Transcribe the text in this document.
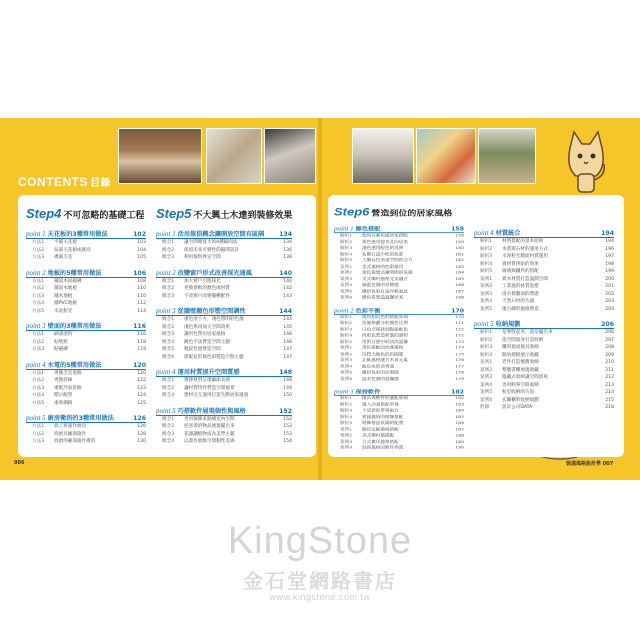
CONTENTS 目錄
Step4 不可忽略的基礎工程
point 1 天花板的3種常用做法	102
方法1	平鋪天花板	103
方法2	局部天花板或挑高	104
方法3	裸露天花	105
point 2 地板的5種常用做法	106
方法1	鋪設木紋磁磚	108
方法2	鋪設木地板	110
方法3	鋪木地板	110
方法4	鋪PVC地板	112
方法5	水泥粉光	114
point 3 壁面的3種常用做法	116
方法1	刷漆塗料	116
方法2	貼壁紙	118
方法3	貼磁磚	119
point 4 水電的5種常用做法	120
方法1	更換全室電路	120
方法2	更換管線	122
方法3	重配冷氣管路	123
方法4	標示配管	124
方法5	重牽網路	125
point 5 廚房衛浴的3種常用做法	126
方法1	找工班施作廚房	126
方法2	找廚具廠商施作	128
方法3	找廚浴廠商施作衛浴	130
Step5 不大興土木達到裝修效果
point 1 活用傢俱概念讓開放空間有區隔	134
概念1	讓空間變寬大的4種隔間法	134
概念2	保留未來可變性的隔間設計	136
概念3	利用傢俱界定空間	138
point 2 改變窗戶形式改善採光通風	140
概念1	加大窗戶引進採光	140
概念2	更換窗框的顏色或材質	142
概念3	不改窗戶改變簾幔配件	143
point 3 從牆壁顏色形塑空間調性	144
概念1	重色放下方，淺色帶明的色塊	144
概念2	淺色系再加大空間效果	145
概念3	讓用色帶出居家風格	146
概念4	跳色手法營造空間主題	146
概念5	粗紋色覺營造空間	147
概念6	搭配花形與色彩製造空間主題	147
point 4 運用材質提升空間質感	148
概念1	選擇材質呈現細節美感	148
概念2	讓材質特性營造空間風景	149
概念3	建材交互運用打造生動居家風貌	150
point 5 巧搭軟件展現個性與風格	152
概念1	善用傢飾來點綴室內空間	152
概念2	把喜愛的物品展現擺出來	152
概念3	花器讓植物成為美學主題	153
概念4	以畫作妝點空間個性美感	154
Step6 營造到位的居家風格
point 1 顏色搭配	158
解析1	使用互補色做居家搭配	158
解析2	黃色運用提亮北向居家	159
解析3	淺色運用配色的延伸	160
解析4	灰階打造中性的色彩	161
解析5	大膽玩色表現空間的活力	162
案例1	美式風格的色彩運用	163
案例2	黃色視覺活躍明朗的氛圍	164
案例3	美式鄉村風格完美融合	165
案例4	綠藍色調的寧靜感	166
案例5	繽紛色彩打造年輕氣息	167
案例6	暖色系營造溫馨居家	168
point 2 色彩平衡	170
解析1	使用相近色的搭配原則	170
解析2	依風格劃分的顏色比例	171
解析3	白色空間找到點綴配色	172
解析4	淡彩色營造和諧的調和	172
解析5	用對日照中的淡淡溫馨	173
案例1	透色搭配的淡雅風格	174
案例2	沉穩大地色的田園風	175
案例3	北歐風格融合木質元素	176
案例4	藍色系的清爽感	177
案例5	繽紛色彩的活潑感	178
案例6	溫柔色調的溫馨感	179
point 3 保持軟件	182
解析1	傢具與軟件的選配原則	182
解析2	雙人沙發搭配單椅	183
解析3	不成套的單椅組合	184
解析4	異國風情的傢飾搭配	185
解析5	燈飾營造氛圍的配置	186
案例1	簡約北歐風格搭配	187
案例2	美式鄉村風搭配	188
案例3	日式無印風格搭配	189
案例4	混搭風格的軟件佈置	190
point 4 材質統合	194
解析1	材質搭配的基本原則	194
解析2	木質與石材的運用方式	196
解析3	水泥粉光牆面材質運用	197
解析4	異材質拼貼的效果	198
解析5	玻璃與鐵件的搭配	199
案例1	實木材質打造溫潤空間	200
案例2	工業風的材質混搭	201
案例3	清水模牆面的質感	202
案例4	天然石材的大器	203
案例5	復古磚的風格營造	204
point 5 收納規劃	206
解析1	是要收起來，還是擺出來	206
解析2	依空間量身打造收納	207
解析3	購買現成傢具收納	208
解析4	開放層板展示收藏	209
案例1	老件打造懷舊收納	210
案例2	整牆書櫃展現收藏	211
案例3	隱藏式收納讓空間清爽	212
案例4	善用畸零空間收納	213
案例5	和室收納的巧思	214
案例6	玄關櫃的收納規劃	215
附錄	設計公司DATA	218
006	裝潢風格設計學 007
KingStone
金石堂網路書店
www.kingstone.com.tw
